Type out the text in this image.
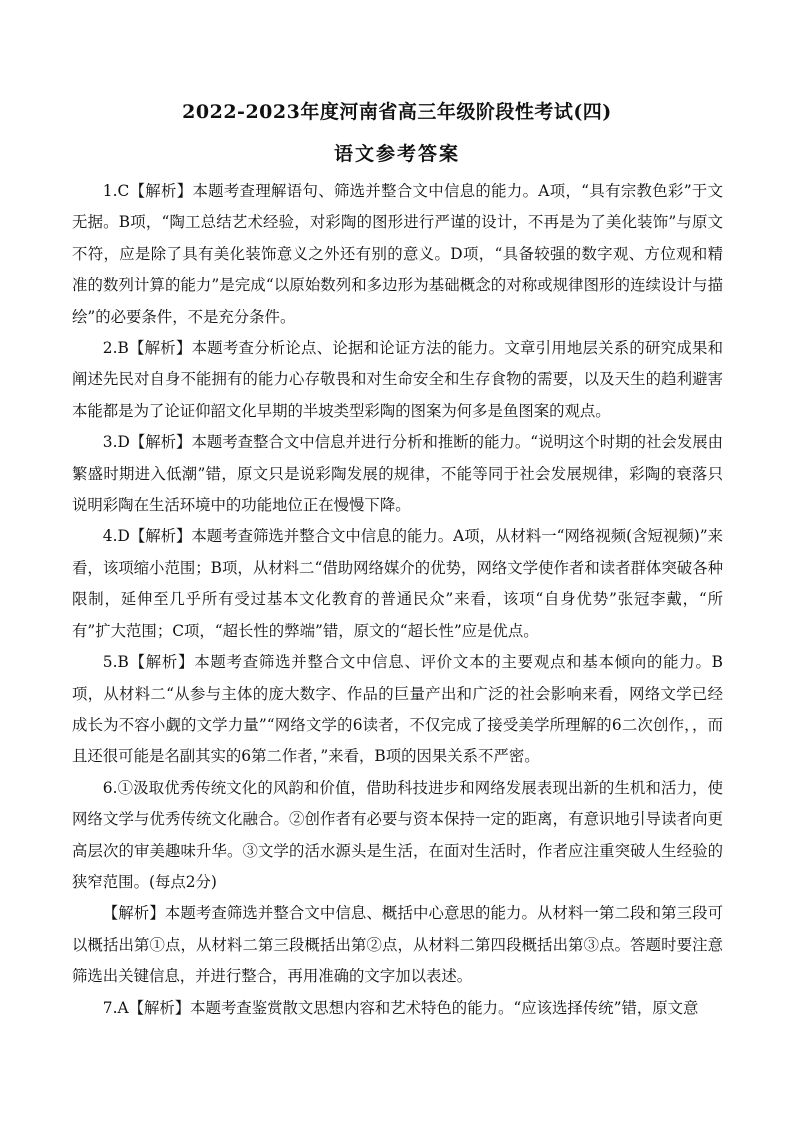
2022-2023年度河南省高三年级阶段性考试(四)
语文参考答案

1.C【解析】本题考查理解语句、筛选并整合文中信息的能力。A项，“具有宗教色彩”于文无据。B项，“陶工总结艺术经验，对彩陶的图形进行严谨的设计，不再是为了美化装饰”与原文不符，应是除了具有美化装饰意义之外还有别的意义。D项，“具备较强的数字观、方位观和精准的数列计算的能力”是完成“以原始数列和多边形为基础概念的对称或规律图形的连续设计与描绘”的必要条件，不是充分条件。

2.B【解析】本题考查分析论点、论据和论证方法的能力。文章引用地层关系的研究成果和阐述先民对自身不能拥有的能力心存敬畏和对生命安全和生存食物的需要，以及天生的趋利避害本能都是为了论证仰韶文化早期的半坡类型彩陶的图案为何多是鱼图案的观点。

3.D【解析】本题考查整合文中信息并进行分析和推断的能力。“说明这个时期的社会发展由繁盛时期进入低潮”错，原文只是说彩陶发展的规律，不能等同于社会发展规律，彩陶的衰落只说明彩陶在生活环境中的功能地位正在慢慢下降。

4.D【解析】本题考查筛选并整合文中信息的能力。A项，从材料一“网络视频(含短视频)”来看，该项缩小范围；B项，从材料二“借助网络媒介的优势，网络文学使作者和读者群体突破各种限制，延伸至几乎所有受过基本文化教育的普通民众”来看，该项“自身优势”张冠李戴，“所有”扩大范围；C项，“超长性的弊端”错，原文的“超长性”应是优点。

5.B【解析】本题考查筛选并整合文中信息、评价文本的主要观点和基本倾向的能力。B项，从材料二“从参与主体的庞大数字、作品的巨量产出和广泛的社会影响来看，网络文学已经成长为不容小觑的文学力量”“网络文学的6读者，不仅完成了接受美学所理解的6二次创作，，而且还很可能是名副其实的6第二作者，”来看，B项的因果关系不严密。

6.①汲取优秀传统文化的风韵和价值，借助科技进步和网络发展表现出新的生机和活力，使网络文学与优秀传统文化融合。②创作者有必要与资本保持一定的距离，有意识地引导读者向更高层次的审美趣味升华。③文学的活水源头是生活，在面对生活时，作者应注重突破人生经验的狭窄范围。(每点2分)

【解析】本题考查筛选并整合文中信息、概括中心意思的能力。从材料一第二段和第三段可以概括出第①点，从材料二第三段概括出第②点，从材料二第四段概括出第③点。答题时要注意筛选出关键信息，并进行整合，再用准确的文字加以表述。

7.A【解析】本题考查鉴赏散文思想内容和艺术特色的能力。“应该选择传统”错，原文意
